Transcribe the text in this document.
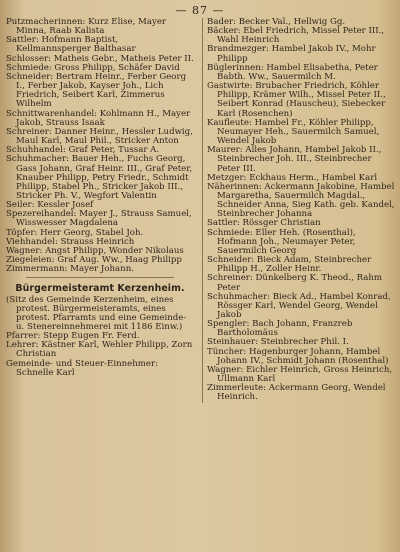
— 87 —

Putzmacherinnen: Kurz Elise, Mayer Minna, Raab Kalista

Sattler: Hofmann Baptist, Kellmannsperger Balthasar

Schlosser: Matheis Gebr., Matheis Peter II.

Schmiede: Gross Philipp, Schäfer David

Schneider: Bertram Heinr., Ferber Georg I., Ferber Jakob, Kayser Joh., Lich Friedrich, Seibert Karl, Zimmerus Wilhelm

Schnittwarenhandel: Kohlmann H., Mayer Jakob, Strauss Isaak

Schreiner: Danner Heinr., Hessler Ludwig, Maul Karl, Maul Phil., Stricker Anton

Schuhhandel: Graf Peter, Tussar A.

Schuhmacher: Bauer Heh., Fuchs Georg, Gass Johann, Graf Heinr. III., Graf Peter, Knauber Philipp, Petry Friedr., Schmidt Philipp, Stabel Ph., Stricker Jakob III., Stricker Ph. V., Wegfort Valentin

Seiler: Kessler Josef

Spezereihandel: Mayer J., Strauss Samuel, Wisswesser Magdalena

Töpfer: Herr Georg, Stabel Joh.

Viehhandel: Strauss Heinrich

Wagner: Angst Philipp, Wonder Nikolaus

Ziegeleien: Graf Aug. Ww., Haag Philipp

Zimmermann: Mayer Johann.

Bürgermeisteramt Kerzenheim.

(Sitz des Gemeinde Kerzenheim, eines protest. Bürgermeisteramts, eines protest. Pfarramts und eine Gemeinde- u. Stenereinnehmerei mit 1186 Einw.)

Pfarrer: Stepp Eugen Fr. Ferd.

Lehrer: Kästner Karl, Wehler Philipp, Zorn Christian

Gemeinde- und Steuer-Einnehmer: Schnelle Karl

Bader: Becker Val., Hellwig Gg.

Bäcker: Ebel Friedrich, Missel Peter III., Wahl Heinrich

Brandmezger: Hambel Jakob IV., Mohr Philipp

Büglerinnen: Hambel Elisabetha, Peter Babth. Ww., Sauermilch M.

Gastwirte: Brubacher Friedrich, Köhler Philipp, Krämer Wilh., Missel Peter II., Seibert Konrad (Hauscheu), Siebecker Karl (Rosenchen)

Kaufleute: Hambel Fr., Köhler Philipp, Neumayer Heh., Sauermilch Samuel, Wendel Jakob

Maurer: Alles Johann, Hambel Jakob II., Steinbrecher Joh. III., Steinbrecher Peter III.

Metzger: Eckhaus Herm., Hambel Karl

Näherinnen: Ackermann Jakobine, Hambel Margaretha, Sauermilch Magdal., Schneider Anna, Sieg Kath. geb. Kandel, Steinbrecher Johanna

Sattler: Rössger Christian

Schmiede: Eller Heh. (Rosenthal), Hofmann Joh., Neumayer Peter, Sauermilch Georg

Schneider: Bieck Adam, Steinbrecher Philipp H., Zoller Heinr.

Schreiner: Dünkelberg K. Theod., Rahm Peter

Schuhmacher: Bieck Ad., Hambel Konrad, Rössger Karl, Wendel Georg, Wendel Jakob

Spengler: Bach Johann, Franzreb Bartholomäus

Steinhauer: Steinbrecher Phil. I.

Tüncher: Hagenburger Johann, Hambel Johann IV., Schmidt Johann (Rosenthal)

Wagner: Eichler Heinrich, Gross Heinrich, Ullmann Karl

Zimmerleute: Ackermann Georg, Wendel Heinrich.
